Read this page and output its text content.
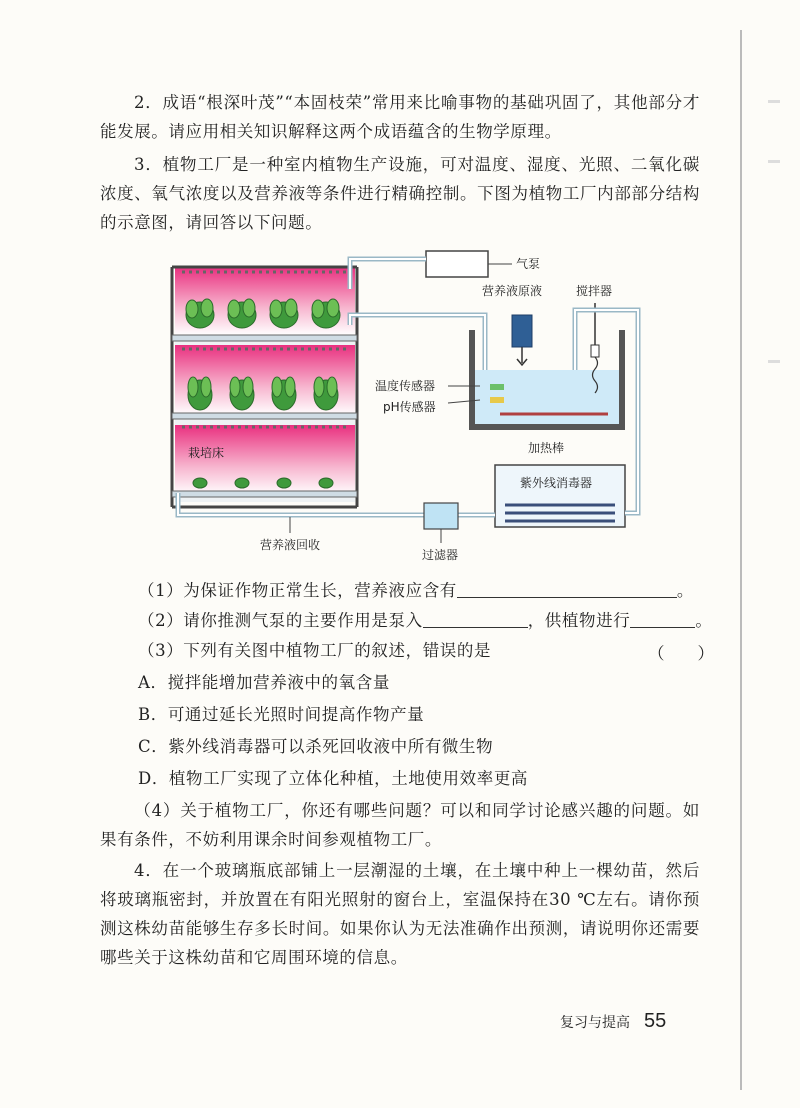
2．成语“根深叶茂”“本固枝荣”常用来比喻事物的基础巩固了，其他部分才能发展。请应用相关知识解释这两个成语蕴含的生物学原理。

3．植物工厂是一种室内植物生产设施，可对温度、湿度、光照、二氧化碳浓度、氧气浓度以及营养液等条件进行精确控制。下图为植物工厂内部部分结构的示意图，请回答以下问题。

栽培床
气泵
营养液原液	搅拌器
温度传感器
pH传感器
加热棒
紫外线消毒器
营养液回收
过滤器

（1）为保证作物正常生长，营养液应含有	。

（2）请你推测气泵的主要作用是泵入	，供植物进行	。

（3）下列有关图中植物工厂的叙述，错误的是	（　　）

A．搅拌能增加营养液中的氧含量

B．可通过延长光照时间提高作物产量

C．紫外线消毒器可以杀死回收液中所有微生物

D．植物工厂实现了立体化种植，土地使用效率更高

（4）关于植物工厂，你还有哪些问题？可以和同学讨论感兴趣的问题。如果有条件，不妨利用课余时间参观植物工厂。

4．在一个玻璃瓶底部铺上一层潮湿的土壤，在土壤中种上一棵幼苗，然后将玻璃瓶密封，并放置在有阳光照射的窗台上，室温保持在30 ℃左右。请你预测这株幼苗能够生存多长时间。如果你认为无法准确作出预测，请说明你还需要哪些关于这株幼苗和它周围环境的信息。

复习与提高 55
